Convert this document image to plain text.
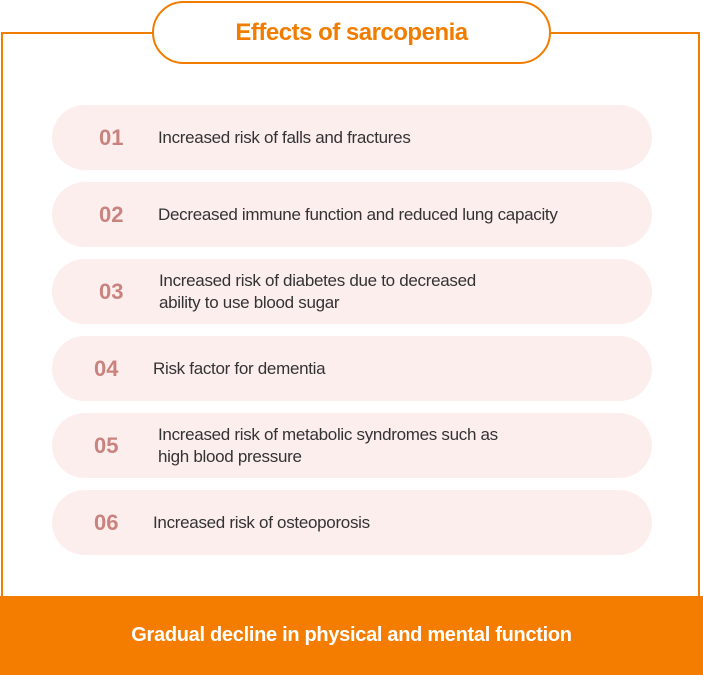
Effects of sarcopenia
01 Increased risk of falls and fractures
02 Decreased immune function and reduced lung capacity
03 Increased risk of diabetes due to decreased
ability to use blood sugar
04 Risk factor for dementia
05 Increased risk of metabolic syndromes such as
high blood pressure
06 Increased risk of osteoporosis
Gradual decline in physical and mental function
